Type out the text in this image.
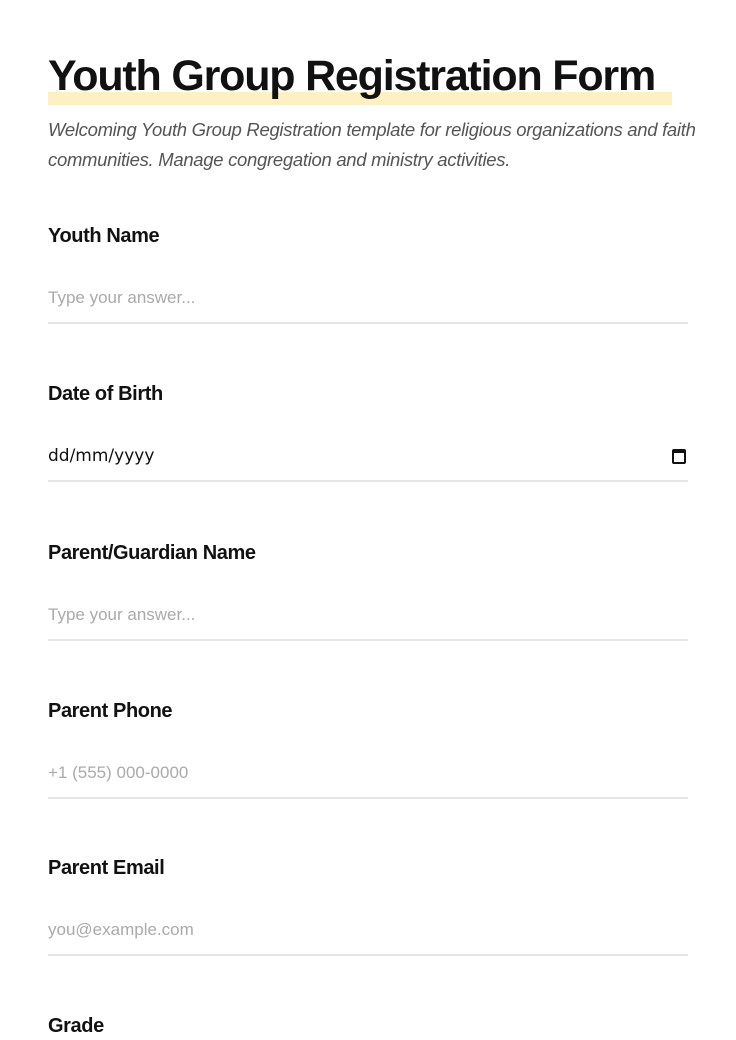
Youth Group Registration Form

Welcoming Youth Group Registration template for religious organizations and faith communities. Manage congregation and ministry activities.

Youth Name
Type your answer...
Date of Birth
dd/mm/yyyy
Parent/Guardian Name
Type your answer...
Parent Phone
+1 (555) 000-0000
Parent Email
you@example.com
Grade
